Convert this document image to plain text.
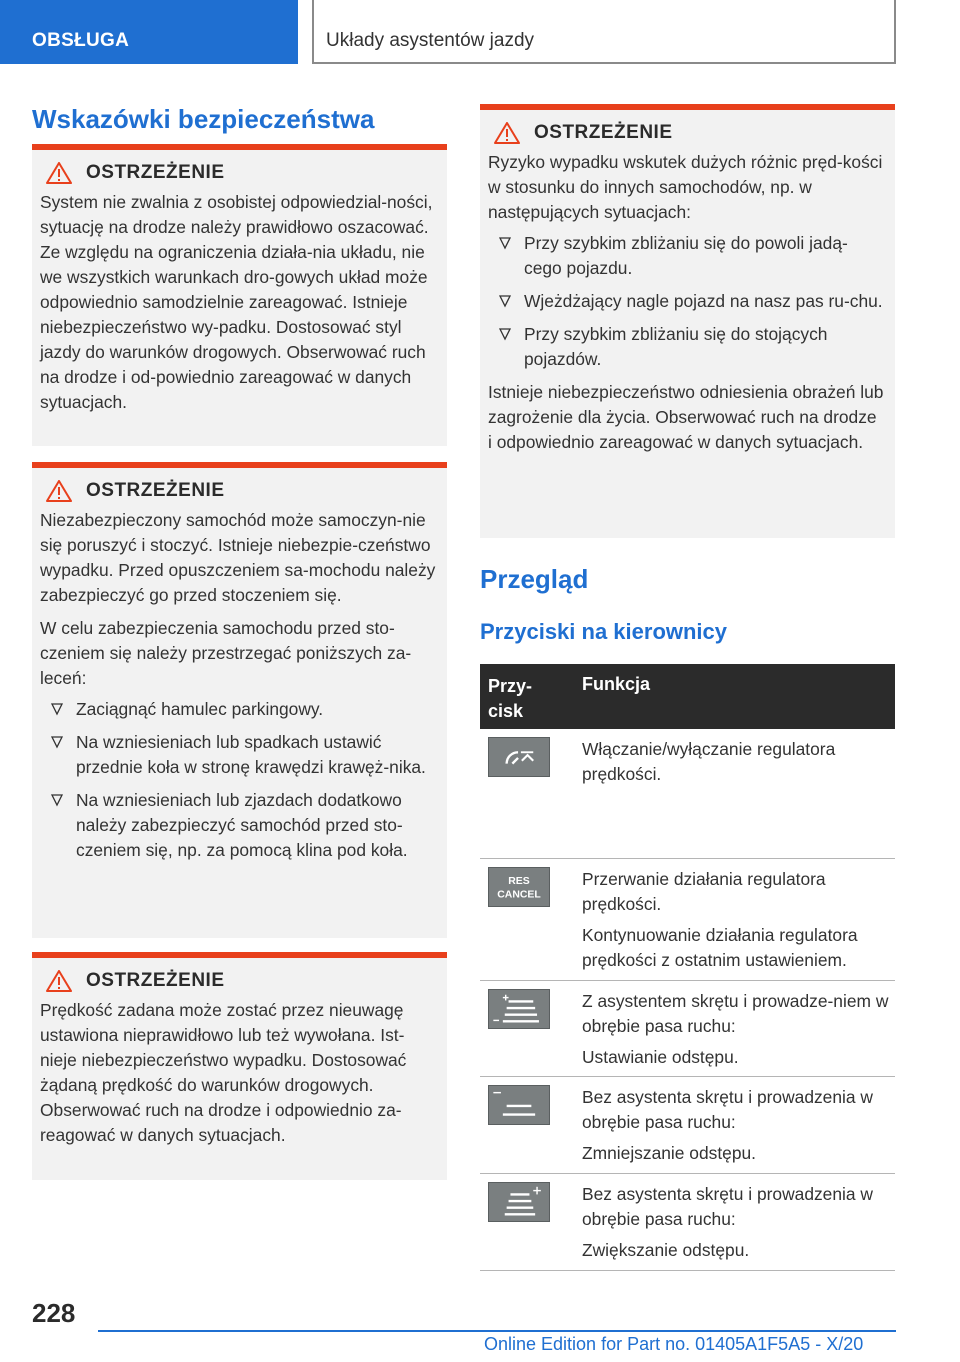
OBSŁUGA	Układy asystentów jazdy
Wskazówki bezpieczeństwa
OSTRZEŻENIE

System nie zwalnia z osobistej odpowiedzial-ności, sytuację na drodze należy prawidłowo oszacować. Ze względu na ograniczenia działa-nia układu, nie we wszystkich warunkach dro-gowych układ może odpowiednio samodzielnie zareagować. Istnieje niebezpieczeństwo wy-padku. Dostosować styl jazdy do warunków drogowych. Obserwować ruch na drodze i od-powiednio zareagować w danych sytuacjach.

OSTRZEŻENIE

Niezabezpieczony samochód może samoczyn-nie się poruszyć i stoczyć. Istnieje niebezpie-czeństwo wypadku. Przed opuszczeniem sa-mochodu należy zabezpieczyć go przed stoczeniem się.

W celu zabezpieczenia samochodu przed sto-czeniem się należy przestrzegać poniższych za-leceń:

Zaciągnąć hamulec parkingowy.
Na wzniesieniach lub spadkach ustawić przednie koła w stronę krawędzi krawęż-nika.
Na wzniesieniach lub zjazdach dodatkowo należy zabezpieczyć samochód przed sto-czeniem się, np. za pomocą klina pod koła.
OSTRZEŻENIE

Prędkość zadana może zostać przez nieuwagę ustawiona nieprawidłowo lub też wywołana. Ist-nieje niebezpieczeństwo wypadku. Dostosować żądaną prędkość do warunków drogowych. Obserwować ruch na drodze i odpowiednio za-reagować w danych sytuacjach.

OSTRZEŻENIE

Ryzyko wypadku wskutek dużych różnic pręd-kości w stosunku do innych samochodów, np. w następujących sytuacjach:

Przy szybkim zbliżaniu się do powoli jadą-cego pojazdu.
Wjeżdżający nagle pojazd na nasz pas ru-chu.
Przy szybkim zbliżaniu się do stojących pojazdów.

Istnieje niebezpieczeństwo odniesienia obrażeń lub zagrożenie dla życia. Obserwować ruch na drodze i odpowiednio zareagować w danych sytuacjach.

Przegląd
Przyciski na kierownicy
Przy-cisk
Funkcja

Włączanie/wyłączanie regulatora prędkości.

RES
CANCEL

Przerwanie działania regulatora prędkości.

Kontynuowanie działania regulatora prędkości z ostatnim ustawieniem.

Z asystentem skrętu i prowadze-niem w obrębie pasa ruchu:

Ustawianie odstępu.

Bez asystenta skrętu i prowadzenia w obrębie pasa ruchu:

Zmniejszanie odstępu.

Bez asystenta skrętu i prowadzenia w obrębie pasa ruchu:

Zwiększanie odstępu.

228
Online Edition for Part no. 01405A1F5A5 - X/20
